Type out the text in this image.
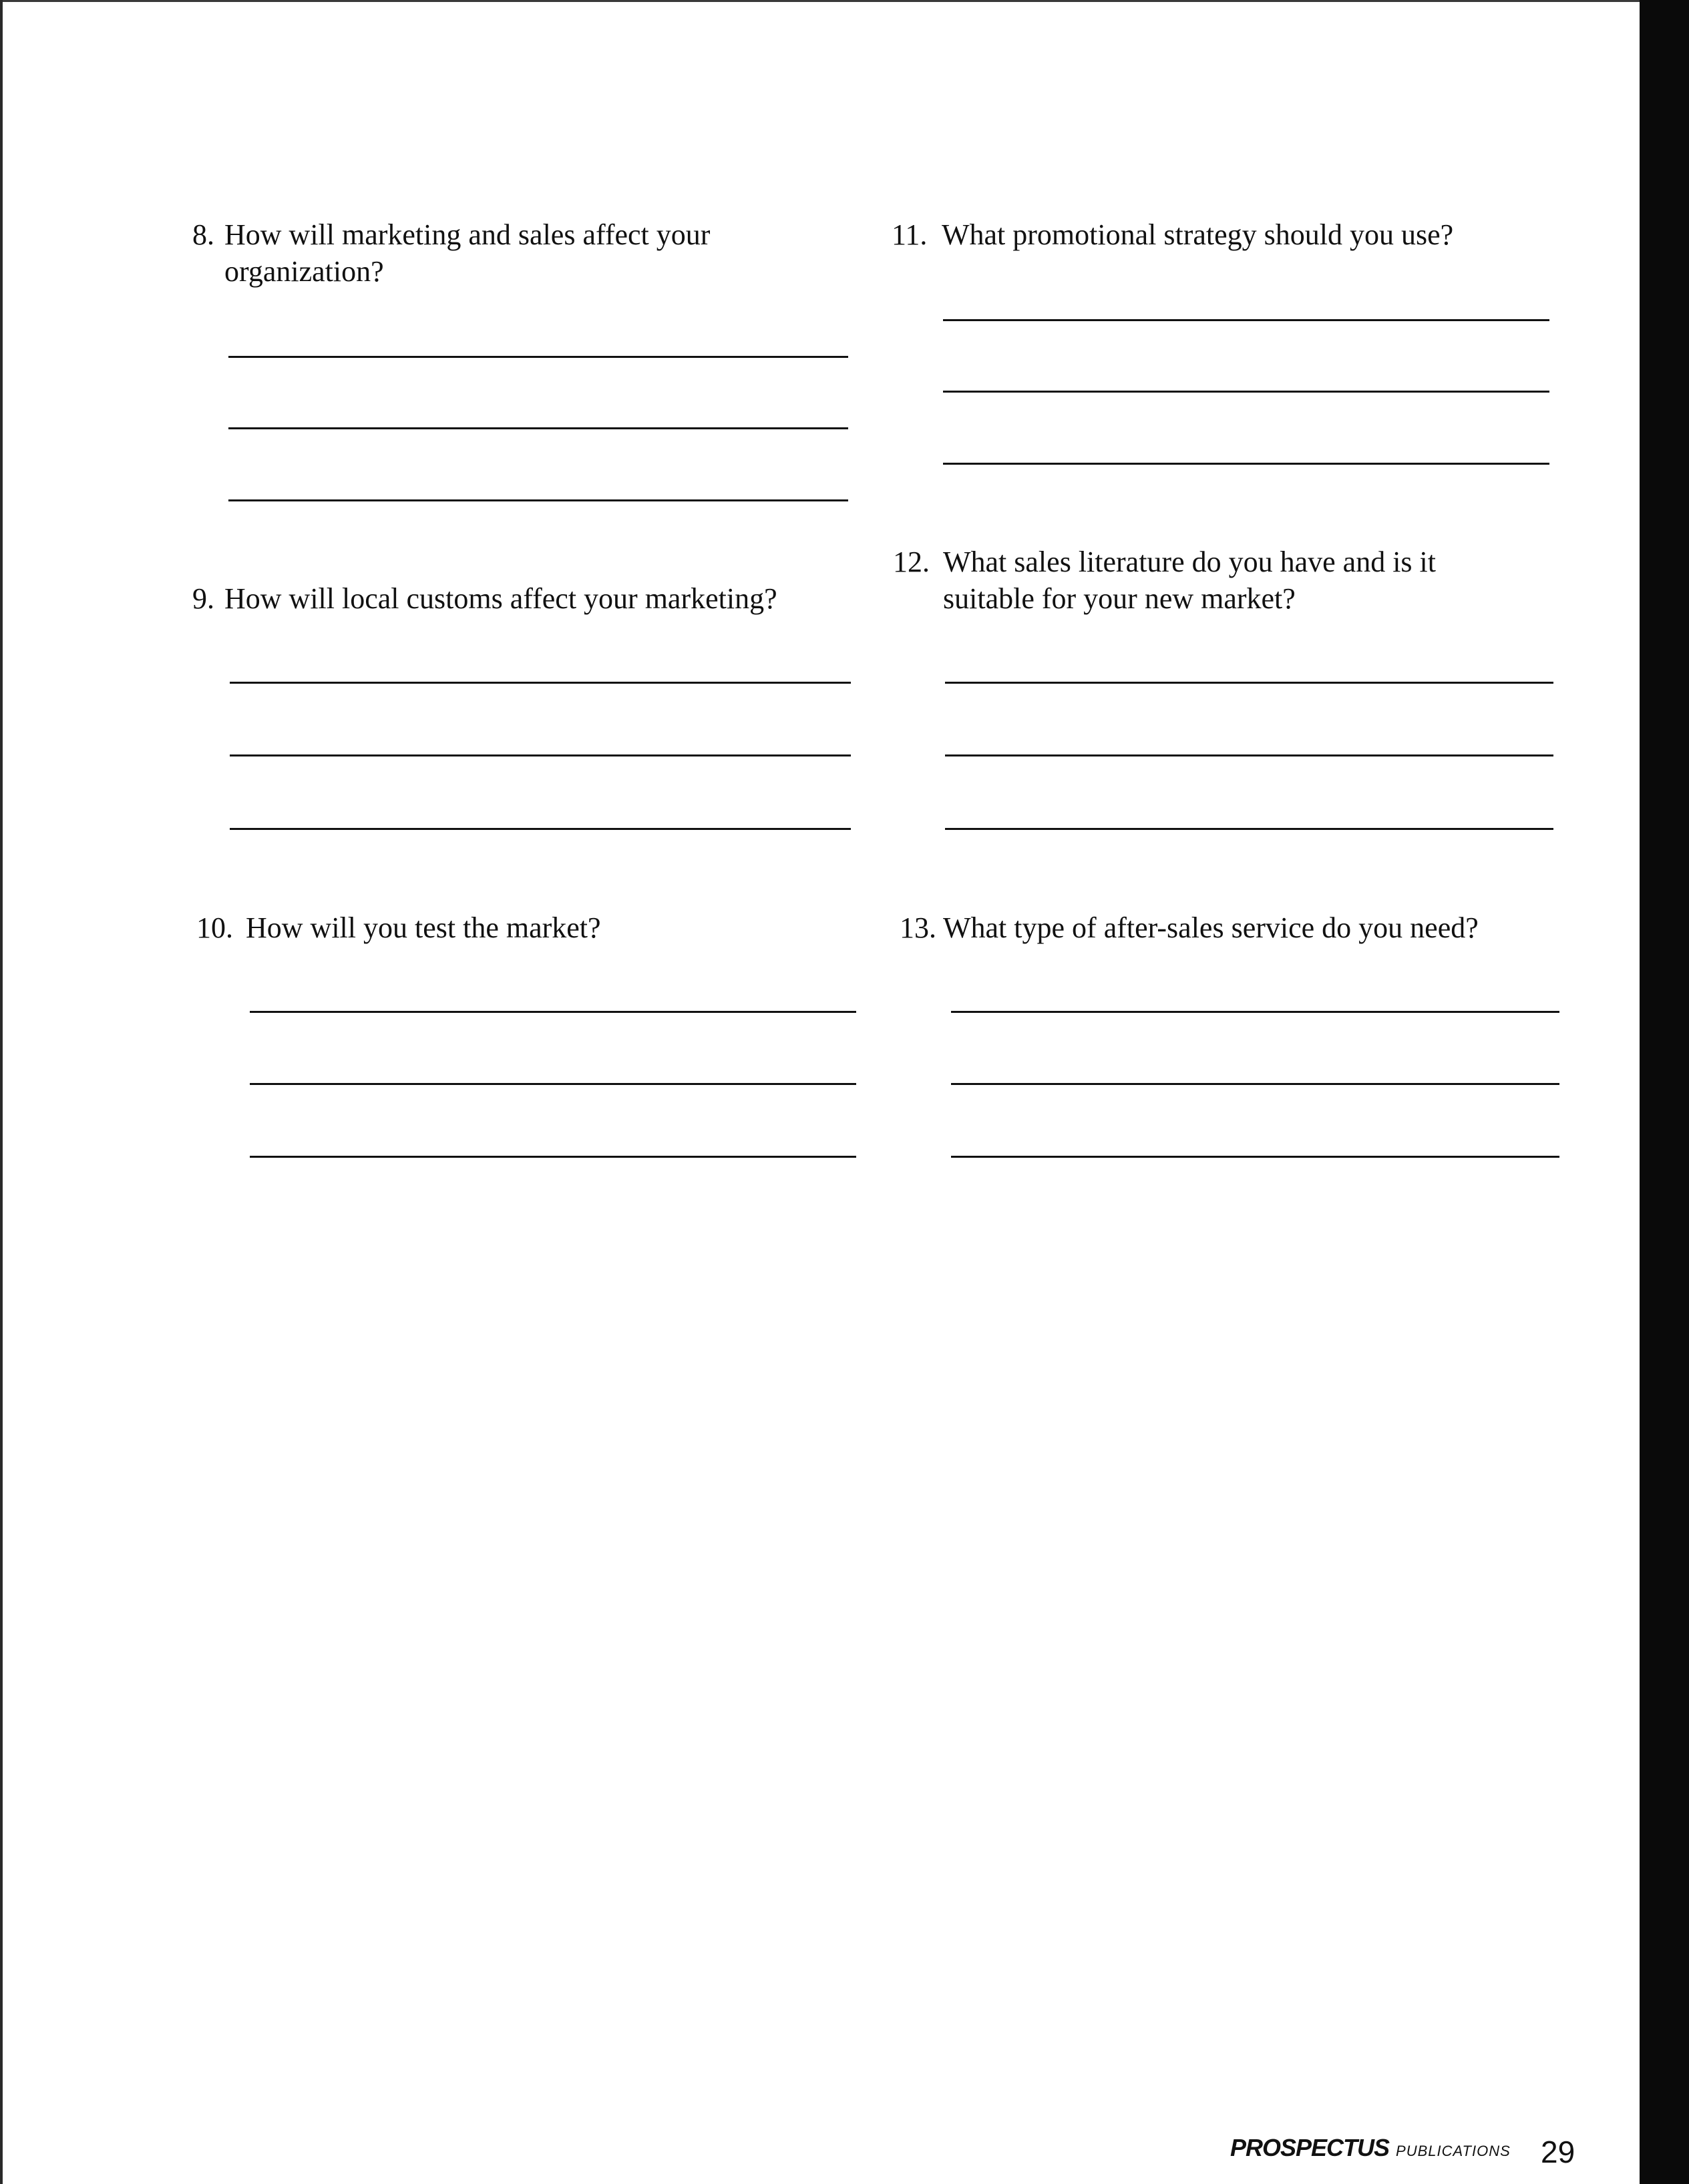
8. How will marketing and sales affect your organization?
9. How will local customs affect your marketing?
10. How will you test the market?
11. What promotional strategy should you use?
12. What sales literature do you have and is it suitable for your new market?
13. What type of after-sales service do you need?
PROSPECTUS PUBLICATIONS 29
